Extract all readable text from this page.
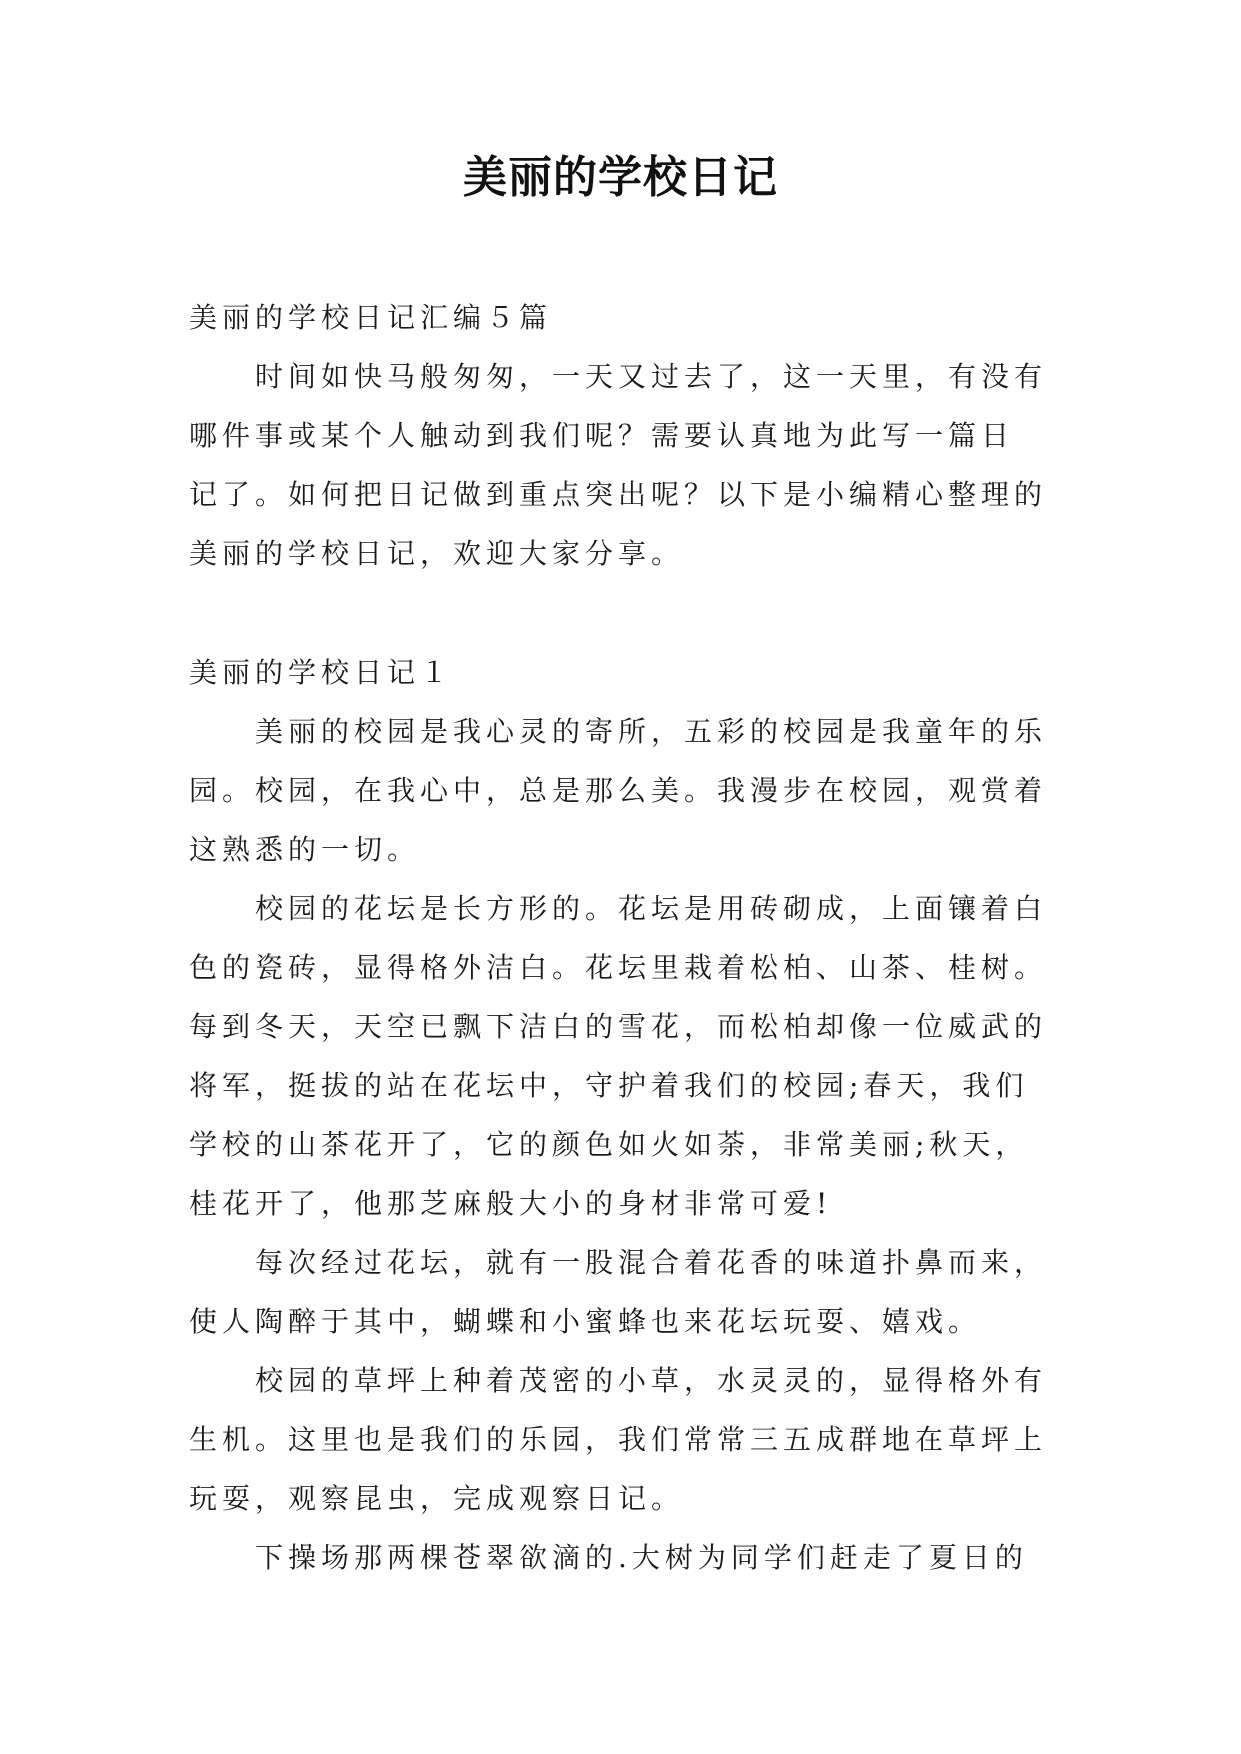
美丽的学校日记
美丽的学校日记汇编５篇
时间如快马般匆匆，一天又过去了，这一天里，有没有
哪件事或某个人触动到我们呢？需要认真地为此写一篇日
记了。如何把日记做到重点突出呢？以下是小编精心整理的
美丽的学校日记，欢迎大家分享。
美丽的学校日记１
美丽的校园是我心灵的寄所，五彩的校园是我童年的乐
园。校园，在我心中，总是那么美。我漫步在校园，观赏着
这熟悉的一切。
校园的花坛是长方形的。花坛是用砖砌成，上面镶着白
色的瓷砖，显得格外洁白。花坛里栽着松柏、山茶、桂树。
每到冬天，天空已飘下洁白的雪花，而松柏却像一位威武的
将军，挺拔的站在花坛中，守护着我们的校园;春天，我们
学校的山茶花开了，它的颜色如火如荼，非常美丽;秋天，
桂花开了，他那芝麻般大小的身材非常可爱!
每次经过花坛，就有一股混合着花香的味道扑鼻而来，
使人陶醉于其中，蝴蝶和小蜜蜂也来花坛玩耍、嬉戏。
校园的草坪上种着茂密的小草，水灵灵的，显得格外有
生机。这里也是我们的乐园，我们常常三五成群地在草坪上
玩耍，观察昆虫，完成观察日记。
下操场那两棵苍翠欲滴的.大树为同学们赶走了夏日的
